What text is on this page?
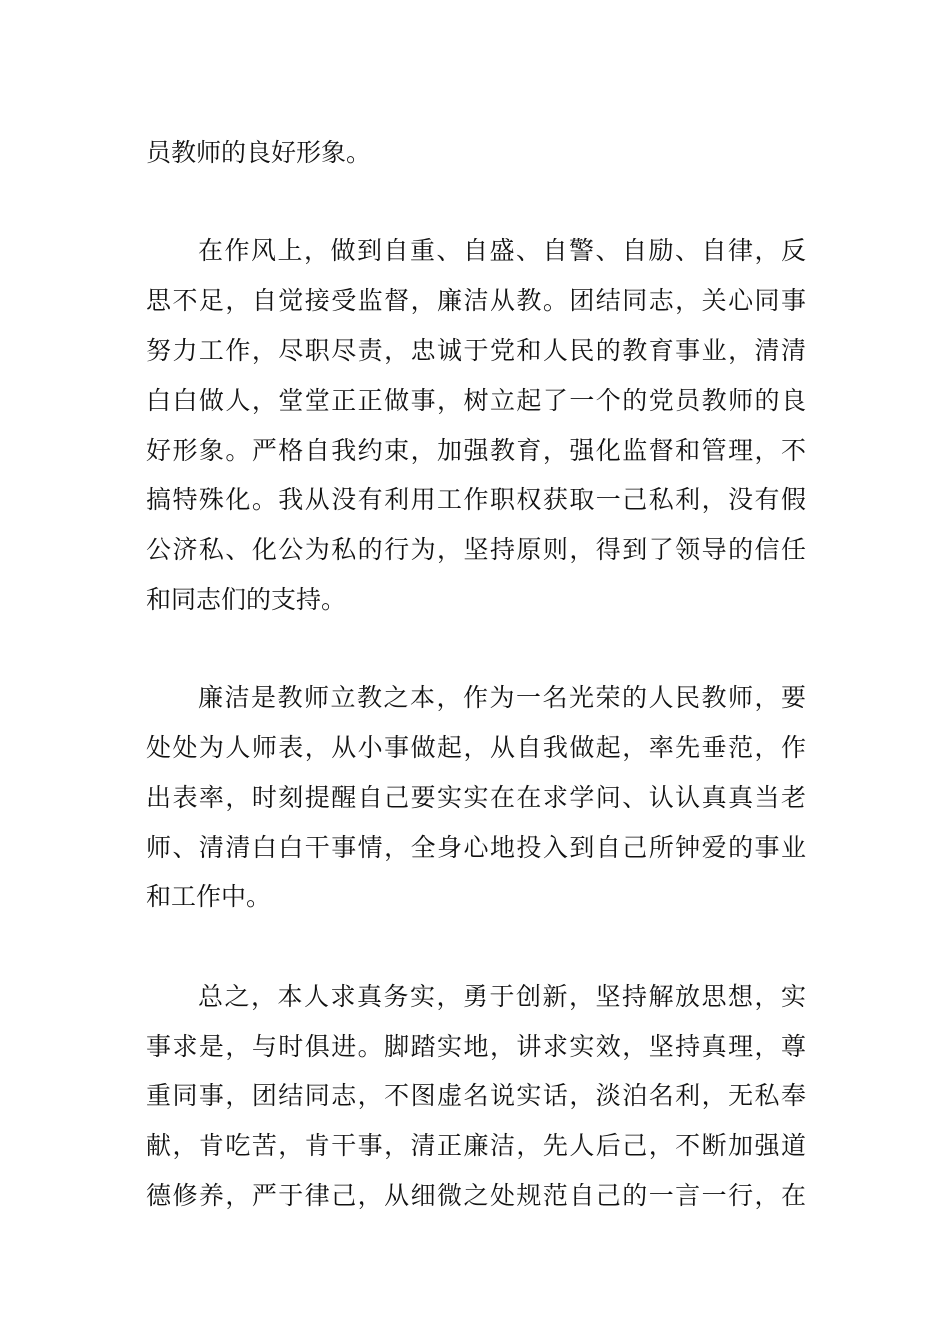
员教师的良好形象。
在作风上，做到自重、自盛、自警、自励、自律，反
思不足，自觉接受监督，廉洁从教。团结同志，关心同事
努力工作，尽职尽责，忠诚于党和人民的教育事业，清清
白白做人，堂堂正正做事，树立起了一个的党员教师的良
好形象。严格自我约束，加强教育，强化监督和管理，不
搞特殊化。我从没有利用工作职权获取一己私利，没有假
公济私、化公为私的行为，坚持原则，得到了领导的信任
和同志们的支持。
廉洁是教师立教之本，作为一名光荣的人民教师，要
处处为人师表，从小事做起，从自我做起，率先垂范，作
出表率，时刻提醒自己要实实在在求学问、认认真真当老
师、清清白白干事情，全身心地投入到自己所钟爱的事业
和工作中。
总之，本人求真务实，勇于创新，坚持解放思想，实
事求是，与时俱进。脚踏实地，讲求实效，坚持真理，尊
重同事，团结同志，不图虚名说实话，淡泊名利，无私奉
献，肯吃苦，肯干事，清正廉洁，先人后己，不断加强道
德修养，严于律己，从细微之处规范自己的一言一行，在
